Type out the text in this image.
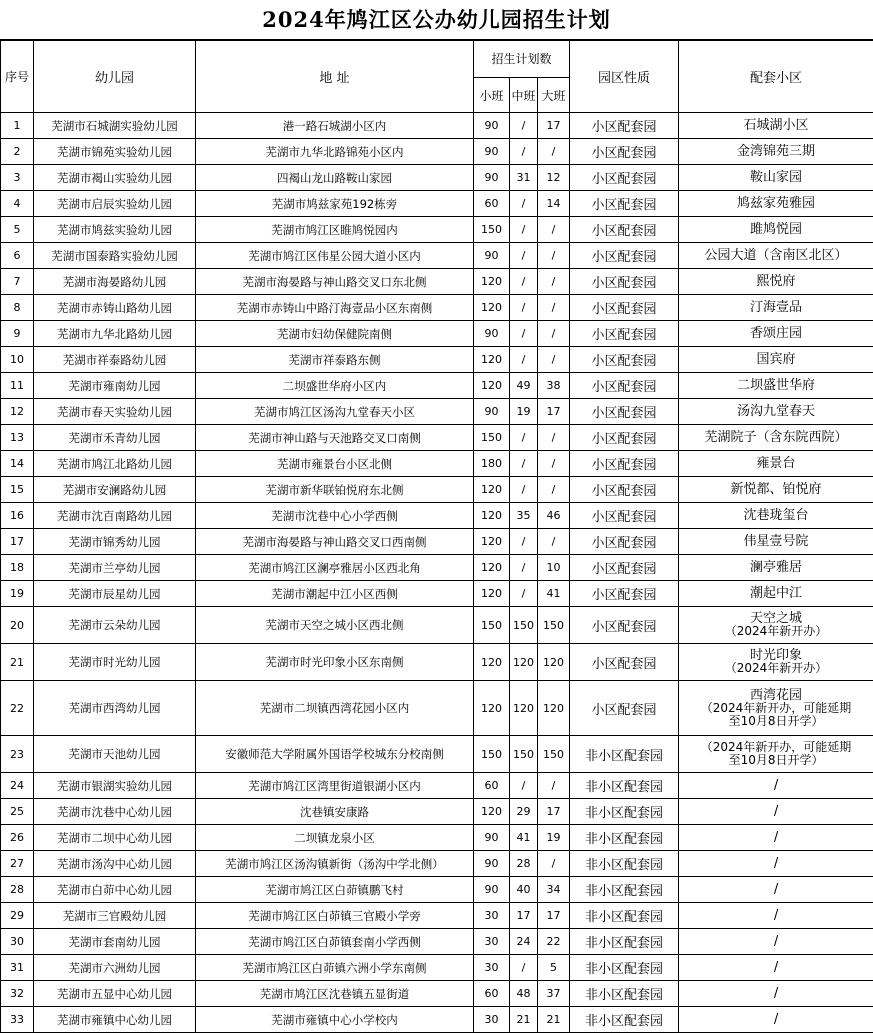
2024年鸠江区公办幼儿园招生计划
序号	幼儿园	地 址	招生计划数			园区性质	配套小区
			小班	中班	大班		
1	芜湖市石城湖实验幼儿园	港一路石城湖小区内	90	/	17	小区配套园	石城湖小区
2	芜湖市锦苑实验幼儿园	芜湖市九华北路锦苑小区内	90	/	/	小区配套园	金湾锦苑三期
3	芜湖市褐山实验幼儿园	四褐山龙山路鞍山家园	90	31	12	小区配套园	鞍山家园
4	芜湖市启辰实验幼儿园	芜湖市鸠兹家苑192栋旁	60	/	14	小区配套园	鸠兹家苑雅园
5	芜湖市鸠兹实验幼儿园	芜湖市鸠江区睢鸠悦园内	150	/	/	小区配套园	雎鸠悦园
6	芜湖市国泰路实验幼儿园	芜湖市鸠江区伟星公园大道小区内	90	/	/	小区配套园	公园大道（含南区北区）
7	芜湖市海晏路幼儿园	芜湖市海晏路与神山路交叉口东北侧	120	/	/	小区配套园	熙悦府
8	芜湖市赤铸山路幼儿园	芜湖市赤铸山中路汀海壹品小区东南侧	120	/	/	小区配套园	汀海壹品
9	芜湖市九华北路幼儿园	芜湖市妇幼保健院南侧	90	/	/	小区配套园	香颂庄园
10	芜湖市祥泰路幼儿园	芜湖市祥泰路东侧	120	/	/	小区配套园	国宾府
11	芜湖市雍南幼儿园	二坝盛世华府小区内	120	49	38	小区配套园	二坝盛世华府
12	芜湖市春天实验幼儿园	芜湖市鸠江区汤沟九堂春天小区	90	19	17	小区配套园	汤沟九堂春天
13	芜湖市禾青幼儿园	芜湖市神山路与天池路交叉口南侧	150	/	/	小区配套园	芜湖院子（含东院西院）
14	芜湖市鸠江北路幼儿园	芜湖市雍景台小区北侧	180	/	/	小区配套园	雍景台
15	芜湖市安澜路幼儿园	芜湖市新华联铂悦府东北侧	120	/	/	小区配套园	新悦都、铂悦府
16	芜湖市沈百南路幼儿园	芜湖市沈巷中心小学西侧	120	35	46	小区配套园	沈巷珑玺台
17	芜湖市锦秀幼儿园	芜湖市海晏路与神山路交叉口西南侧	120	/	/	小区配套园	伟星壹号院
18	芜湖市兰亭幼儿园	芜湖市鸠江区澜亭雅居小区西北角	120	/	10	小区配套园	澜亭雅居
19	芜湖市辰星幼儿园	芜湖市潮起中江小区西侧	120	/	41	小区配套园	潮起中江
20	芜湖市云朵幼儿园	芜湖市天空之城小区西北侧	150	150	150	小区配套园	天空之城
（2024年新开办）

21	芜湖市时光幼儿园	芜湖市时光印象小区东南侧	120	120	120	小区配套园	时光印象
（2024年新开办）

22	芜湖市西湾幼儿园	芜湖市二坝镇西湾花园小区内	120	120	120	小区配套园	西湾花园
（2024年新开办，可能延期
至10月8日开学）

23	芜湖市天池幼儿园	安徽师范大学附属外国语学校城东分校南侧	150	150	150	非小区配套园	（2024年新开办，可能延期
至10月8日开学）

24	芜湖市银湖实验幼儿园	芜湖市鸠江区湾里街道银湖小区内	60	/	/	非小区配套园	/
25	芜湖市沈巷中心幼儿园	沈巷镇安康路	120	29	17	非小区配套园	/
26	芜湖市二坝中心幼儿园	二坝镇龙泉小区	90	41	19	非小区配套园	/
27	芜湖市汤沟中心幼儿园	芜湖市鸠江区汤沟镇新街（汤沟中学北侧）	90	28	/	非小区配套园	/
28	芜湖市白茆中心幼儿园	芜湖市鸠江区白茆镇鹏飞村	90	40	34	非小区配套园	/
29	芜湖市三官殿幼儿园	芜湖市鸠江区白茆镇三官殿小学旁	30	17	17	非小区配套园	/
30	芜湖市套南幼儿园	芜湖市鸠江区白茆镇套南小学西侧	30	24	22	非小区配套园	/
31	芜湖市六洲幼儿园	芜湖市鸠江区白茆镇六洲小学东南侧	30	/	5	非小区配套园	/
32	芜湖市五显中心幼儿园	芜湖市鸠江区沈巷镇五显街道	60	48	37	非小区配套园	/
33	芜湖市雍镇中心幼儿园	芜湖市雍镇中心小学校内	30	21	21	非小区配套园	/
